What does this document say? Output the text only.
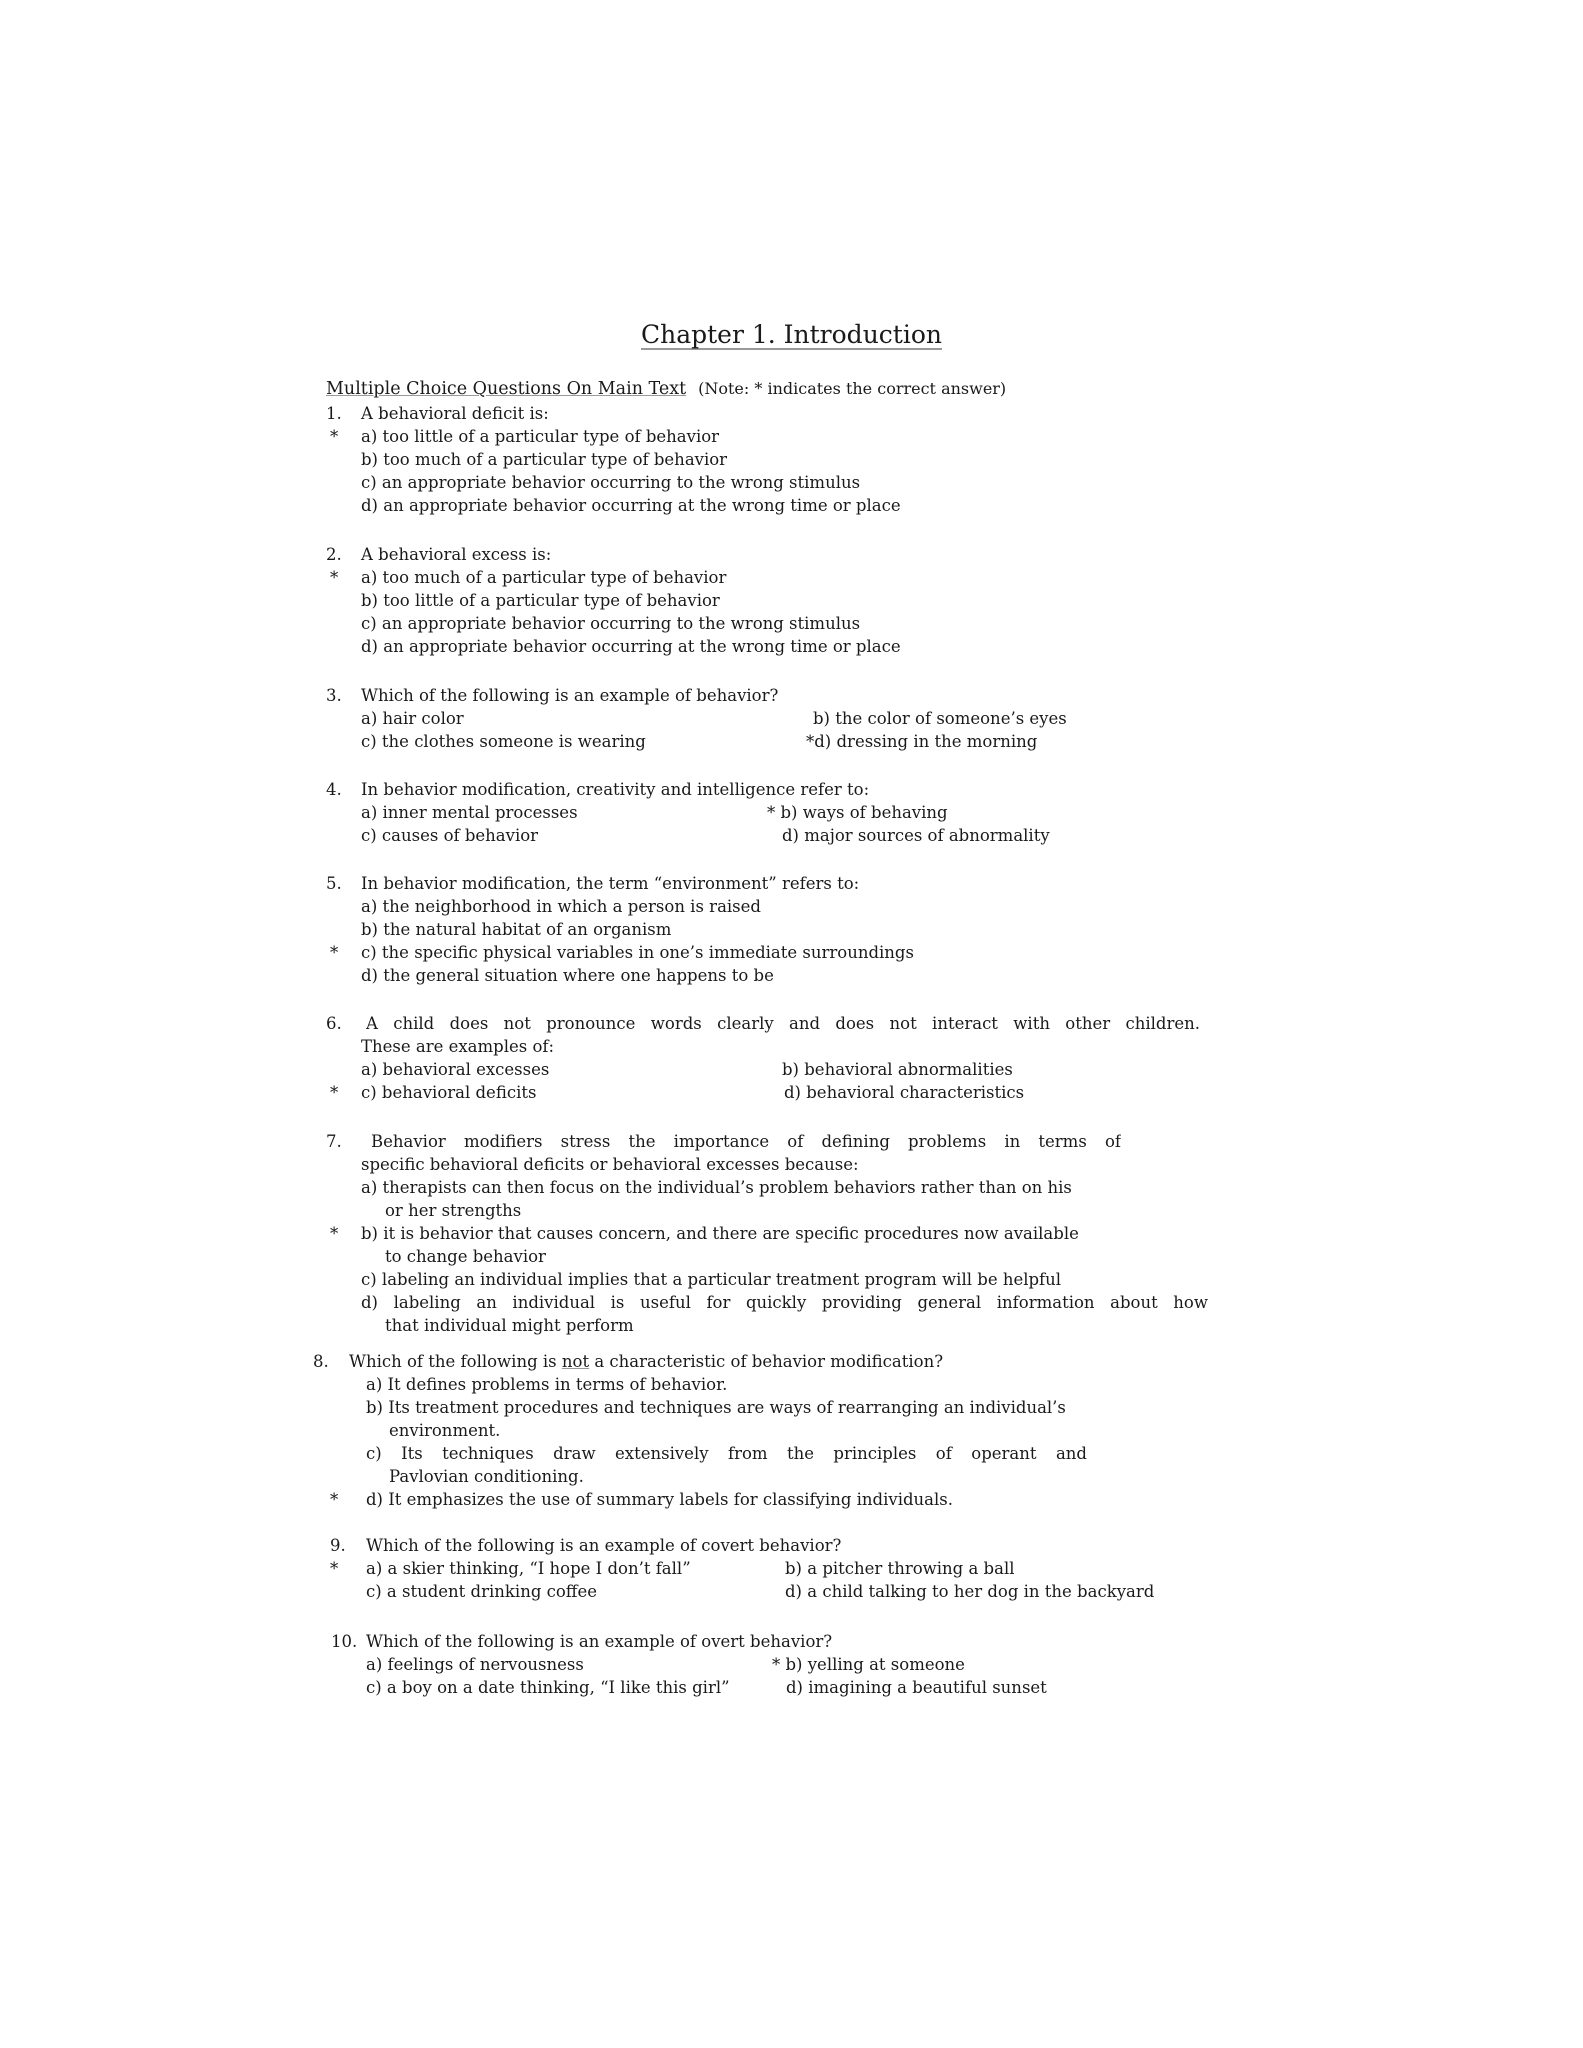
Chapter 1. Introduction
Multiple Choice Questions On Main Text (Note: * indicates the correct answer)
1. A behavioral deficit is:
* a) too little of a particular type of behavior
b) too much of a particular type of behavior
c) an appropriate behavior occurring to the wrong stimulus
d) an appropriate behavior occurring at the wrong time or place
2. A behavioral excess is:
* a) too much of a particular type of behavior
b) too little of a particular type of behavior
c) an appropriate behavior occurring to the wrong stimulus
d) an appropriate behavior occurring at the wrong time or place
3. Which of the following is an example of behavior?
a) hair color	b) the color of someone’s eyes
c) the clothes someone is wearing	*d) dressing in the morning
4. In behavior modification, creativity and intelligence refer to:
a) inner mental processes	* b) ways of behaving
c) causes of behavior	d) major sources of abnormality
5. In behavior modification, the term “environment” refers to:
a) the neighborhood in which a person is raised
b) the natural habitat of an organism
* c) the specific physical variables in one’s immediate surroundings
d) the general situation where one happens to be
6. A child does not pronounce words clearly and does not interact with other children.
These are examples of:
a) behavioral excesses	b) behavioral abnormalities
* c) behavioral deficits	d) behavioral characteristics
7. Behavior modifiers stress the importance of defining problems in terms of
specific behavioral deficits or behavioral excesses because:
a) therapists can then focus on the individual’s problem behaviors rather than on his
or her strengths
* b) it is behavior that causes concern, and there are specific procedures now available
to change behavior
c) labeling an individual implies that a particular treatment program will be helpful
d) labeling an individual is useful for quickly providing general information about how
that individual might perform
8. Which of the following is not a characteristic of behavior modification?
a) It defines problems in terms of behavior.
b) Its treatment procedures and techniques are ways of rearranging an individual’s
environment.
c) Its techniques draw extensively from the principles of operant and
Pavlovian conditioning.
* d) It emphasizes the use of summary labels for classifying individuals.
9. Which of the following is an example of covert behavior?
* a) a skier thinking, “I hope I don’t fall”	b) a pitcher throwing a ball
c) a student drinking coffee	d) a child talking to her dog in the backyard
10. Which of the following is an example of overt behavior?
a) feelings of nervousness	* b) yelling at someone
c) a boy on a date thinking, “I like this girl”	d) imagining a beautiful sunset
